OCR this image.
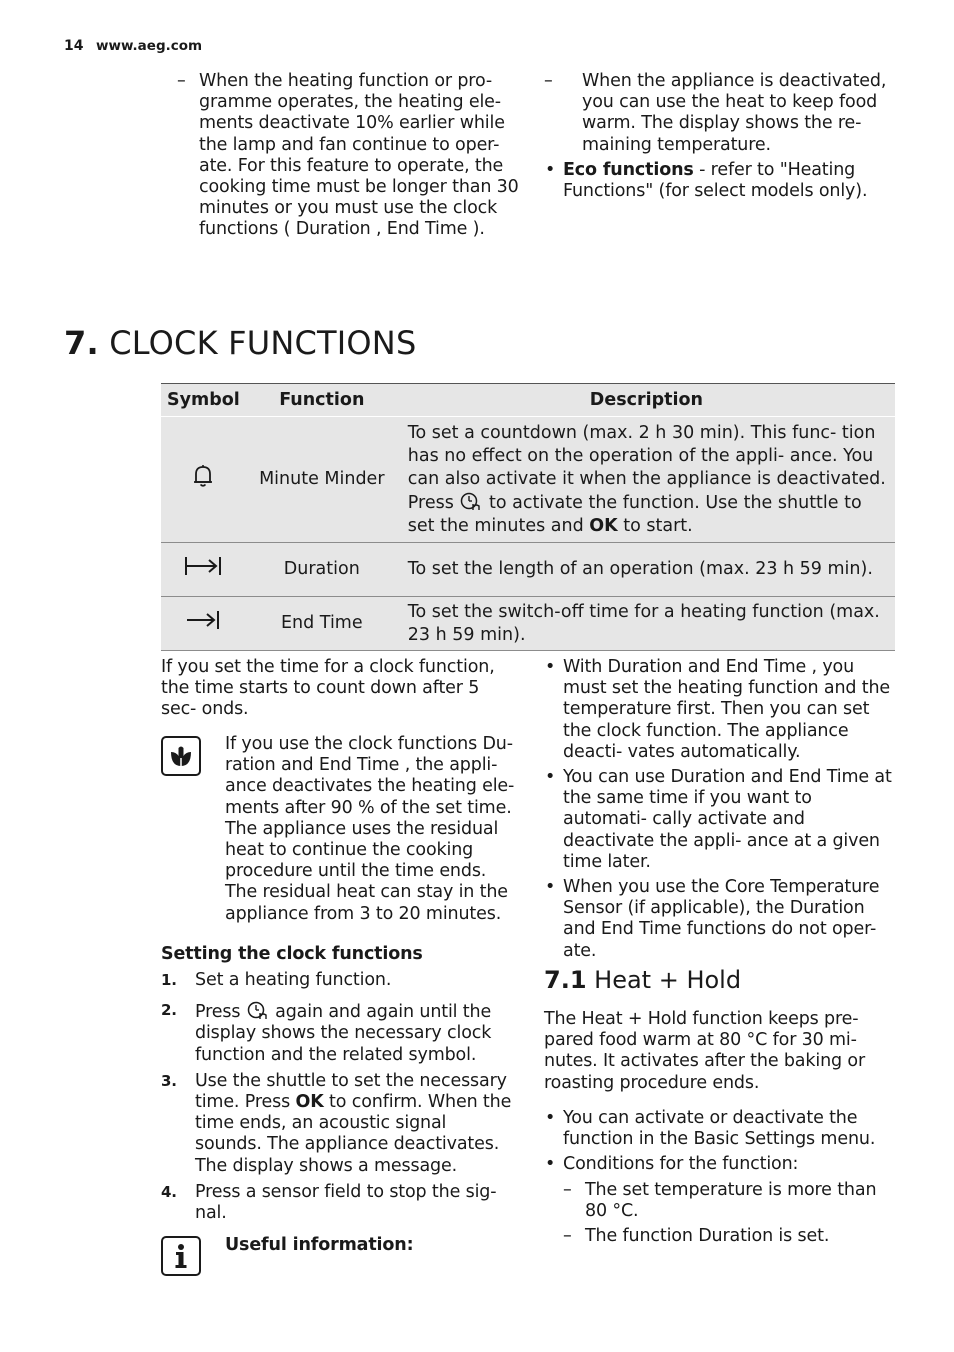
14 www.aeg.com
– When the heating function or pro- gramme operates, the heating ele- ments deactivate 10% earlier while the lamp and fan continue to oper- ate. For this feature to operate, the cooking time must be longer than 30 minutes or you must use the clock functions ( Duration , End Time ).
– When the appliance is deactivated, you can use the heat to keep food warm. The display shows the re- maining temperature.
• Eco functions - refer to "Heating Functions" (for select models only).
7. CLOCK FUNCTIONS
Symbol	Function	Description
	Minute Minder	To set a countdown (max. 2 h 30 min). This func- tion has no effect on the operation of the appli- ance. You can also activate it when the appliance is deactivated. Press  to activate the function. Use the shuttle to set the minutes and OK to start.
	Duration	To set the length of an operation (max. 23 h 59 min).
	End Time	To set the switch-off time for a heating function (max. 23 h 59 min).
If you set the time for a clock function, the time starts to count down after 5 sec- onds.
If you use the clock functions Du- ration and End Time , the appli- ance deactivates the heating ele- ments after 90 % of the set time. The appliance uses the residual heat to continue the cooking procedure until the time ends. The residual heat can stay in the appliance from 3 to 20 minutes.
Setting the clock functions
1. Set a heating function.
2. Press  again and again until the display shows the necessary clock function and the related symbol.
3. Use the shuttle to set the necessary time. Press OK to confirm. When the time ends, an acoustic signal sounds. The appliance deactivates. The display shows a message.
4. Press a sensor field to stop the sig- nal.
Useful information:
• With Duration and End Time , you must set the heating function and the temperature first. Then you can set the clock function. The appliance deacti- vates automatically.
• You can use Duration and End Time at the same time if you want to automati- cally activate and deactivate the appli- ance at a given time later.
• When you use the Core Temperature Sensor (if applicable), the Duration and End Time functions do not oper- ate.
7.1 Heat + Hold
The Heat + Hold function keeps pre- pared food warm at 80 °C for 30 mi- nutes. It activates after the baking or roasting procedure ends.
• You can activate or deactivate the function in the Basic Settings menu.
• Conditions for the function:
– The set temperature is more than 80 °C.
– The function Duration is set.
